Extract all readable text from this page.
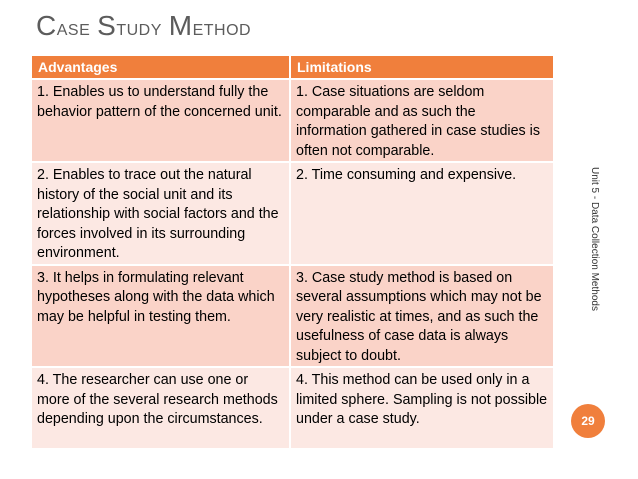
Case Study Method
Advantages	Limitations
1. Enables us to understand fully the behavior pattern of the concerned unit.	1. Case situations are seldom comparable and as such the information gathered in case studies is often not comparable.
2. Enables to trace out the natural history of the social unit and its relationship with social factors and the forces involved in its surrounding environment.	2. Time consuming and expensive.
3. It helps in formulating relevant hypotheses along with the data which may be helpful in testing them.	3. Case study method is based on several assumptions which may not be very realistic at times, and as such the usefulness of case data is always subject to doubt.
4. The researcher can use one or more of the several research methods depending upon the circumstances.	4. This method can be used only in a limited sphere. Sampling is not possible under a case study.
Unit 5 - Data Collection Methods
29
